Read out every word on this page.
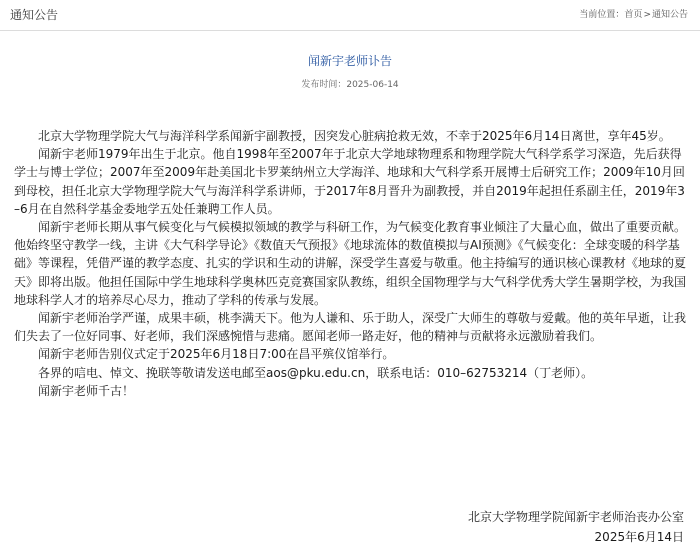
通知公告	当前位置：首页>通知公告
闻新宇老师讣告
发布时间：2025-06-14

北京大学物理学院大气与海洋科学系闻新宇副教授，因突发心脏病抢救无效，不幸于2025年6月14日离世，享年45岁。

闻新宇老师1979年出生于北京。他自1998年至2007年于北京大学地球物理系和物理学院大气科学系学习深造，先后获得学士与博士学位；2007年至2009年赴美国北卡罗莱纳州立大学海洋、地球和大气科学系开展博士后研究工作；2009年10月回到母校，担任北京大学物理学院大气与海洋科学系讲师，于2017年8月晋升为副教授，并自2019年起担任系副主任，2019年3–6月在自然科学基金委地学五处任兼聘工作人员。

闻新宇老师长期从事气候变化与气候模拟领域的教学与科研工作，为气候变化教育事业倾注了大量心血，做出了重要贡献。他始终坚守教学一线，主讲《大气科学导论》《数值天气预报》《地球流体的数值模拟与AI预测》《气候变化：全球变暖的科学基础》等课程，凭借严谨的教学态度、扎实的学识和生动的讲解，深受学生喜爱与敬重。他主持编写的通识核心课教材《地球的夏天》即将出版。他担任国际中学生地球科学奥林匹克竞赛国家队教练，组织全国物理学与大气科学优秀大学生暑期学校，为我国地球科学人才的培养尽心尽力，推动了学科的传承与发展。

闻新宇老师治学严谨，成果丰硕，桃李满天下。他为人谦和、乐于助人，深受广大师生的尊敬与爱戴。他的英年早逝，让我们失去了一位好同事、好老师，我们深感惋惜与悲痛。愿闻老师一路走好，他的精神与贡献将永远激励着我们。

闻新宇老师告别仪式定于2025年6月18日7:00在昌平殡仪馆举行。

各界的唁电、悼文、挽联等敬请发送电邮至aos@pku.edu.cn，联系电话：010–62753214（丁老师）。

闻新宇老师千古！

北京大学物理学院闻新宇老师治丧办公室
2025年6月14日
